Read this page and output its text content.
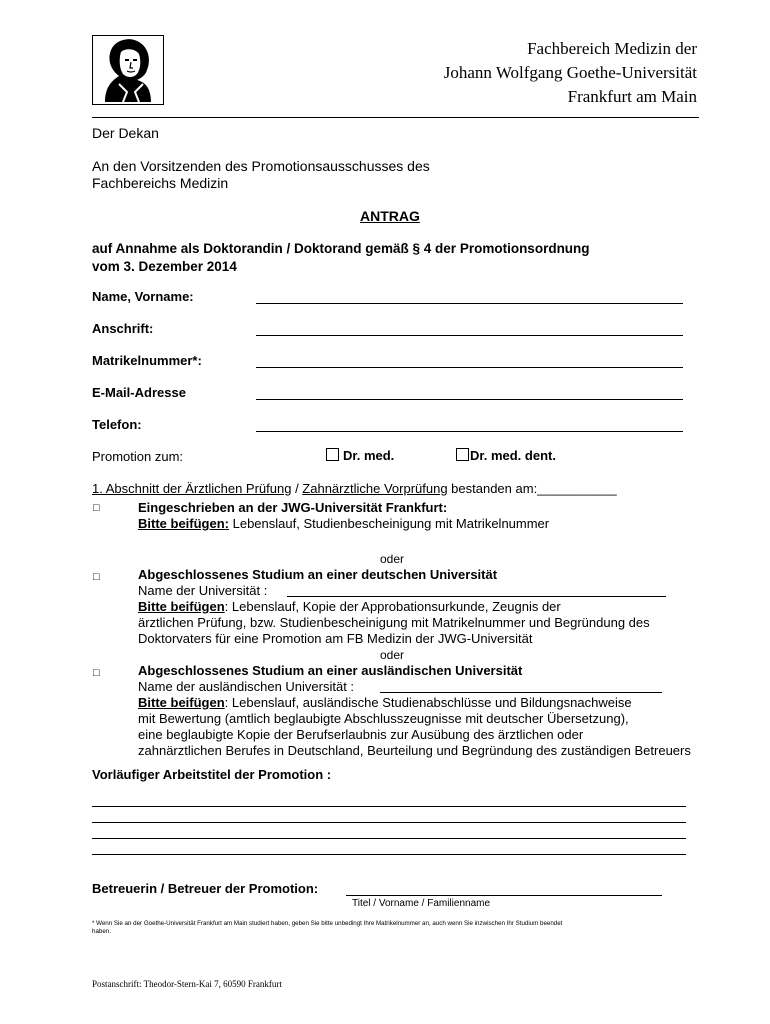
Fachbereich Medizin der
Johann Wolfgang Goethe-Universität
Frankfurt am Main
Der Dekan
An den Vorsitzenden des Promotionsausschusses des
Fachbereichs Medizin
ANTRAG
auf Annahme als Doktorandin / Doktorand gemäß § 4 der Promotionsordnung
vom 3. Dezember 2014
Name, Vorname:
Anschrift:
Matrikelnummer*:
E-Mail-Adresse
Telefon:
Promotion zum:	Dr. med.	Dr. med. dent.
1. Abschnitt der Ärztlichen Prüfung / Zahnärztliche Vorprüfung bestanden am:___________
□	Eingeschrieben an der JWG-Universität Frankfurt:
Bitte beifügen: Lebenslauf, Studienbescheinigung mit Matrikelnummer
oder
□	Abgeschlossenes Studium an einer deutschen Universität
Name der Universität :
Bitte beifügen: Lebenslauf, Kopie der Approbationsurkunde, Zeugnis der
ärztlichen Prüfung, bzw. Studienbescheinigung mit Matrikelnummer und Begründung des
Doktorvaters für eine Promotion am FB Medizin der JWG-Universität
oder
□	Abgeschlossenes Studium an einer ausländischen Universität
Name der ausländischen Universität :
Bitte beifügen: Lebenslauf, ausländische Studienabschlüsse und Bildungsnachweise
mit Bewertung (amtlich beglaubigte Abschlusszeugnisse mit deutscher Übersetzung),
eine beglaubigte Kopie der Berufserlaubnis zur Ausübung des ärztlichen oder
zahnärztlichen Berufes in Deutschland, Beurteilung und Begründung des zuständigen Betreuers
Vorläufiger Arbeitstitel der Promotion :
Betreuerin / Betreuer der Promotion:
Titel / Vorname / Familienname
* Wenn Sie an der Goethe-Universität Frankfurt am Main studiert haben, geben Sie bitte unbedingt Ihre Matrikelnummer an, auch wenn Sie inzwischen Ihr Studium beendet
haben.
Postanschrift: Theodor-Stern-Kai 7, 60590 Frankfurt
